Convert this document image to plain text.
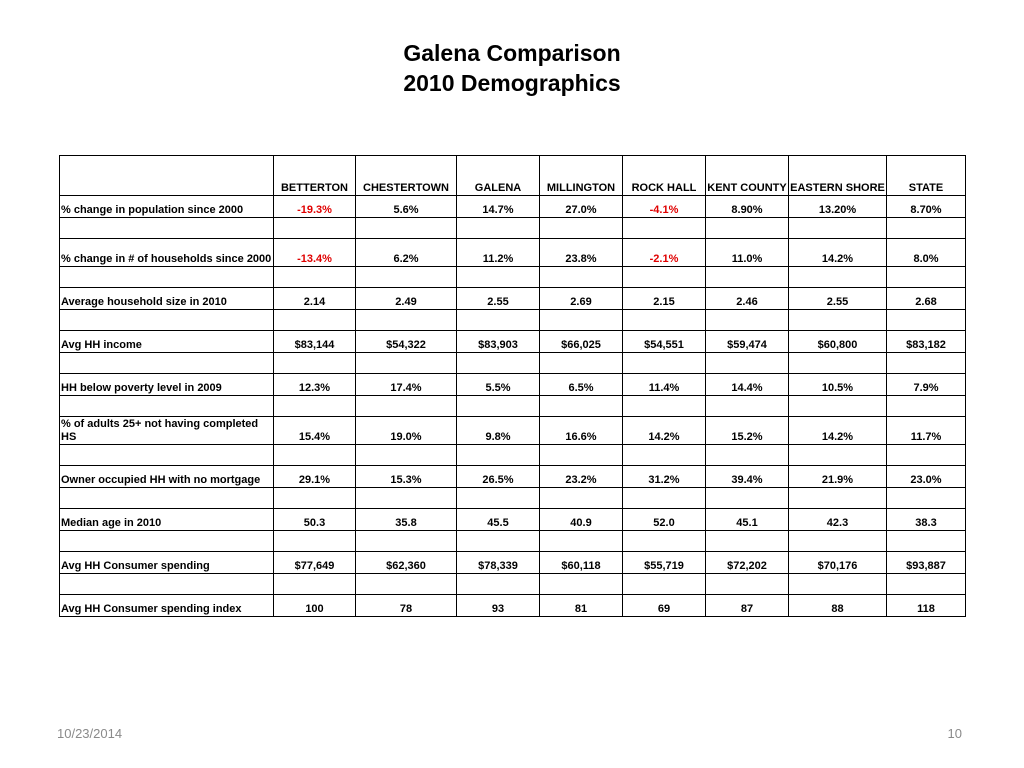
Galena Comparison
2010 Demographics
	BETTERTON	CHESTERTOWN	GALENA	MILLINGTON	ROCK HALL	KENT COUNTY	EASTERN SHORE	STATE
% change in population since 2000	-19.3%	5.6%	14.7%	27.0%	-4.1%	8.90%	13.20%	8.70%

% change in # of households since 2000	-13.4%	6.2%	11.2%	23.8%	-2.1%	11.0%	14.2%	8.0%

Average household size in 2010	2.14	2.49	2.55	2.69	2.15	2.46	2.55	2.68

Avg HH income	$83,144	$54,322	$83,903	$66,025	$54,551	$59,474	$60,800	$83,182

HH below poverty level in 2009	12.3%	17.4%	5.5%	6.5%	11.4%	14.4%	10.5%	7.9%

% of adults 25+ not having completed HS	15.4%	19.0%	9.8%	16.6%	14.2%	15.2%	14.2%	11.7%

Owner occupied HH with no mortgage	29.1%	15.3%	26.5%	23.2%	31.2%	39.4%	21.9%	23.0%

Median age in 2010	50.3	35.8	45.5	40.9	52.0	45.1	42.3	38.3

Avg HH Consumer spending	$77,649	$62,360	$78,339	$60,118	$55,719	$72,202	$70,176	$93,887

Avg HH Consumer spending index	100	78	93	81	69	87	88	118
10/23/2014	10
